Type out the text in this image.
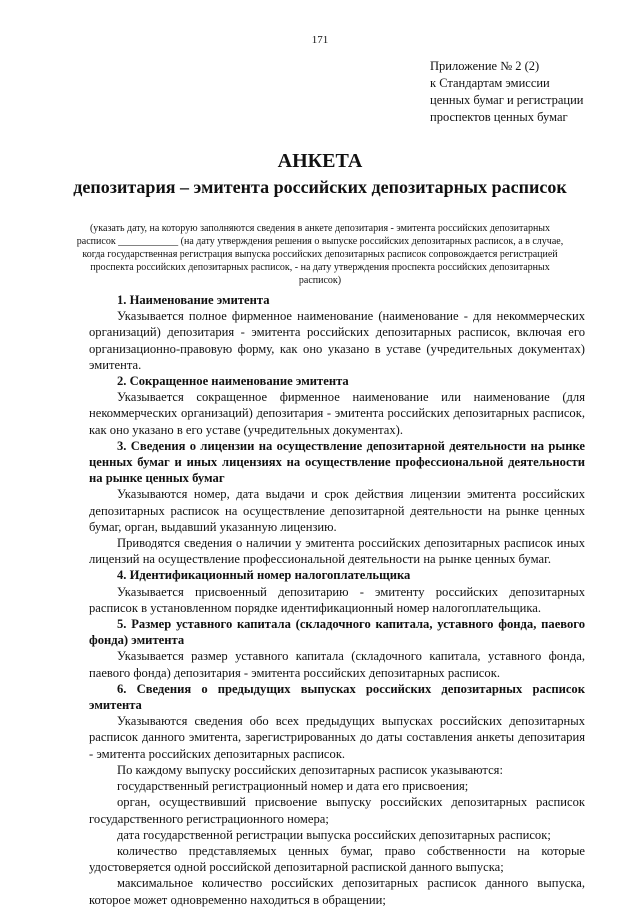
171
Приложение № 2 (2)
к Стандартам эмиссии
ценных бумаг и регистрации
проспектов ценных бумаг
АНКЕТА
депозитария – эмитента российских депозитарных расписок
(указать дату, на которую заполняются сведения в анкете депозитария - эмитента российских депозитарных расписок ____________ (на дату утверждения решения о выпуске российских депозитарных расписок, а в случае, когда государственная регистрация выпуска российских депозитарных расписок сопровождается регистрацией проспекта российских депозитарных расписок, - на дату утверждения проспекта российских депозитарных расписок)

1. Наименование эмитента

Указывается полное фирменное наименование (наименование - для некоммерческих организаций) депозитария - эмитента российских депозитарных расписок, включая его организационно-правовую форму, как оно указано в уставе (учредительных документах) эмитента.

2. Сокращенное наименование эмитента

Указывается сокращенное фирменное наименование или наименование (для некоммерческих организаций) депозитария - эмитента российских депозитарных расписок, как оно указано в его уставе (учредительных документах).

3. Сведения о лицензии на осуществление депозитарной деятельности на рынке ценных бумаг и иных лицензиях на осуществление профессиональной деятельности на рынке ценных бумаг

Указываются номер, дата выдачи и срок действия лицензии эмитента российских депозитарных расписок на осуществление депозитарной деятельности на рынке ценных бумаг, орган, выдавший указанную лицензию.

Приводятся сведения о наличии у эмитента российских депозитарных расписок иных лицензий на осуществление профессиональной деятельности на рынке ценных бумаг.

4. Идентификационный номер налогоплательщика

Указывается присвоенный депозитарию - эмитенту российских депозитарных расписок в установленном порядке идентификационный номер налогоплательщика.

5. Размер уставного капитала (складочного капитала, уставного фонда, паевого фонда) эмитента

Указывается размер уставного капитала (складочного капитала, уставного фонда, паевого фонда) депозитария - эмитента российских депозитарных расписок.

6. Сведения о предыдущих выпусках российских депозитарных расписок эмитента

Указываются сведения обо всех предыдущих выпусках российских депозитарных расписок данного эмитента, зарегистрированных до даты составления анкеты депозитария - эмитента российских депозитарных расписок.

По каждому выпуску российских депозитарных расписок указываются:

государственный регистрационный номер и дата его присвоения;

орган, осуществивший присвоение выпуску российских депозитарных расписок государственного регистрационного номера;

дата государственной регистрации выпуска российских депозитарных расписок;

количество представляемых ценных бумаг, право собственности на которые удостоверяется одной российской депозитарной распиской данного выпуска;

максимальное количество российских депозитарных расписок данного выпуска, которое может одновременно находиться в обращении;
